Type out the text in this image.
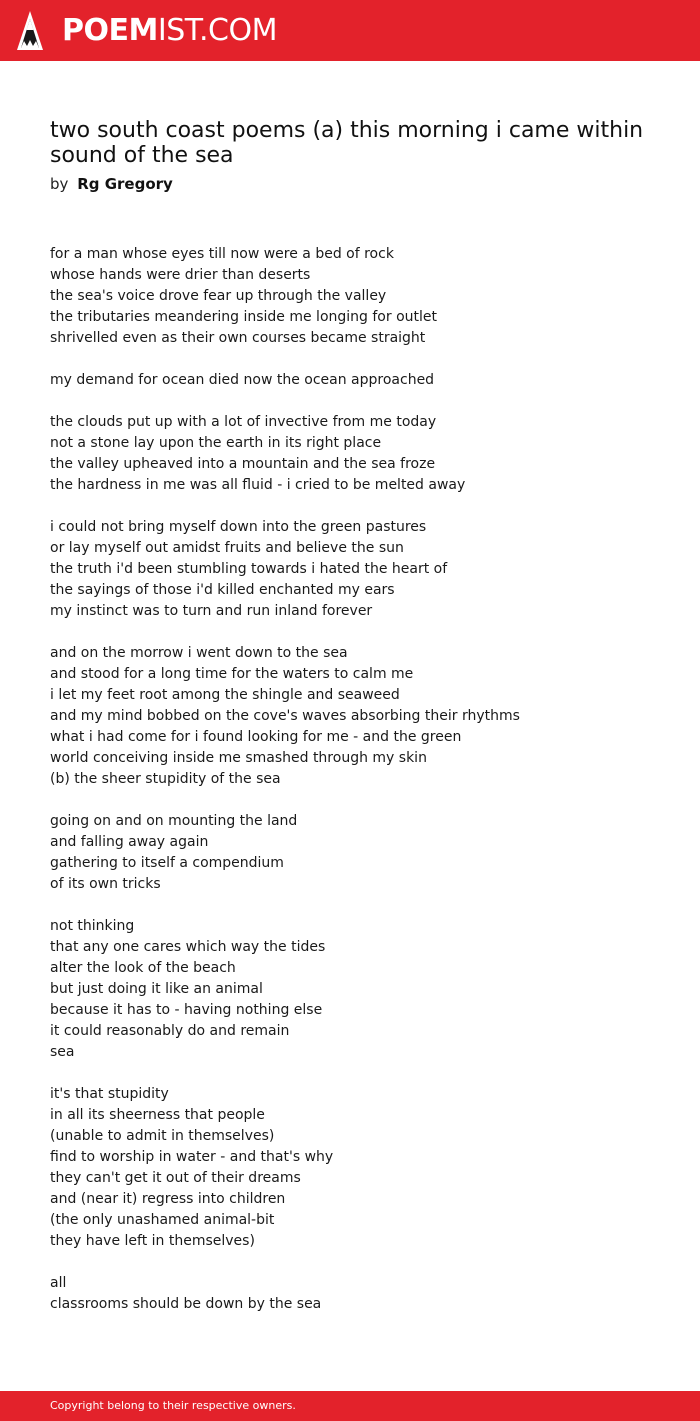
POEMIST.COM
two south coast poems (a) this morning i came within sound of the sea
by Rg Gregory
for a man whose eyes till now were a bed of rock
whose hands were drier than deserts
the sea's voice drove fear up through the valley
the tributaries meandering inside me longing for outlet
shrivelled even as their own courses became straight
my demand for ocean died now the ocean approached
the clouds put up with a lot of invective from me today
not a stone lay upon the earth in its right place
the valley upheaved into a mountain and the sea froze
the hardness in me was all fluid - i cried to be melted away
i could not bring myself down into the green pastures
or lay myself out amidst fruits and believe the sun
the truth i'd been stumbling towards i hated the heart of
the sayings of those i'd killed enchanted my ears
my instinct was to turn and run inland forever
and on the morrow i went down to the sea
and stood for a long time for the waters to calm me
i let my feet root among the shingle and seaweed
and my mind bobbed on the cove's waves absorbing their rhythms
what i had come for i found looking for me - and the green
world conceiving inside me smashed through my skin
(b) the sheer stupidity of the sea
going on and on mounting the land
and falling away again
gathering to itself a compendium
of its own tricks
not thinking
that any one cares which way the tides
alter the look of the beach
but just doing it like an animal
because it has to - having nothing else
it could reasonably do and remain
sea
it's that stupidity
in all its sheerness that people
(unable to admit in themselves)
find to worship in water - and that's why
they can't get it out of their dreams
and (near it) regress into children
(the only unashamed animal-bit
they have left in themselves)
all
classrooms should be down by the sea
Copyright belong to their respective owners.
